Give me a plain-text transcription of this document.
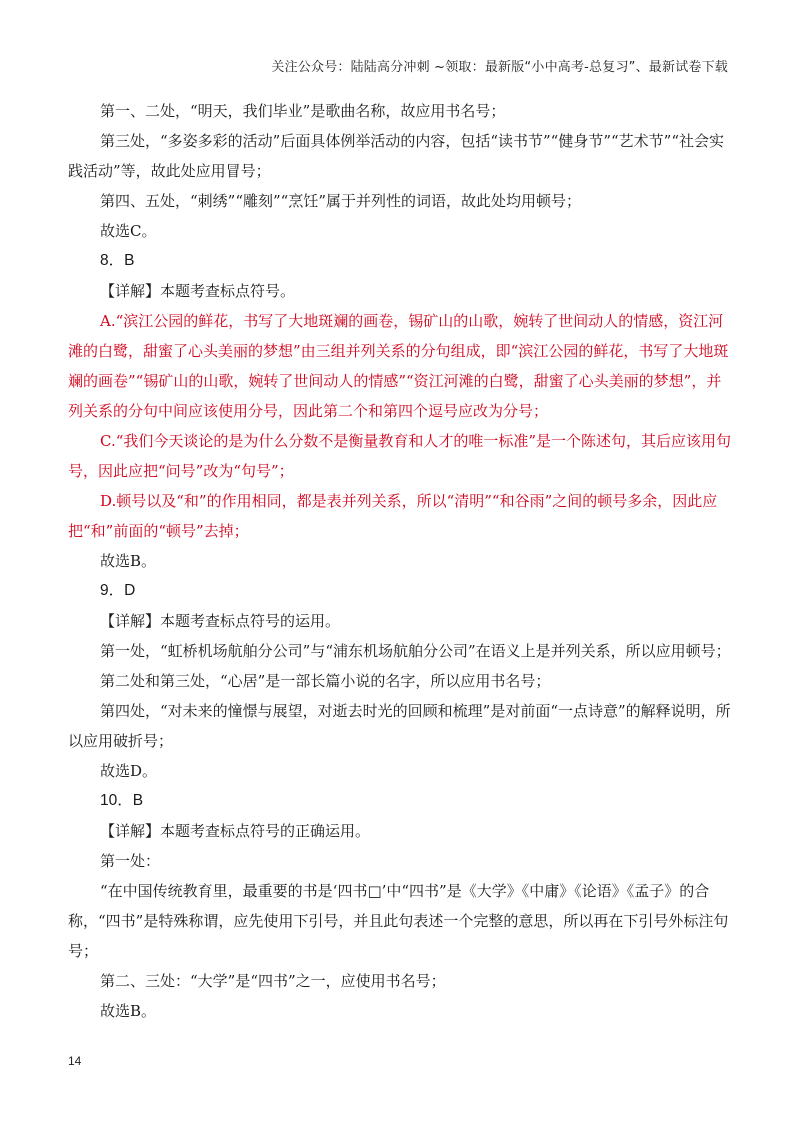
关注公众号：陆陆高分冲刺 ~领取：最新版“小中高考-总复习”、最新试卷下载

第一、二处，“明天，我们毕业”是歌曲名称，故应用书名号；

第三处，“多姿多彩的活动”后面具体例举活动的内容，包括“读书节”“健身节”“艺术节”“社会实践活动”等，故此处应用冒号；

第四、五处，“刺绣”“雕刻”“烹饪”属于并列性的词语，故此处均用顿号；

故选C。

8．B

【详解】本题考查标点符号。

A.“滨江公园的鲜花，书写了大地斑斓的画卷，锡矿山的山歌，婉转了世间动人的情感，资江河滩的白鹭，甜蜜了心头美丽的梦想”由三组并列关系的分句组成，即“滨江公园的鲜花，书写了大地斑斓的画卷”“锡矿山的山歌，婉转了世间动人的情感”“资江河滩的白鹭，甜蜜了心头美丽的梦想”，并列关系的分句中间应该使用分号，因此第二个和第四个逗号应改为分号；

C.“我们今天谈论的是为什么分数不是衡量教育和人才的唯一标准”是一个陈述句，其后应该用句号，因此应把“问号”改为“句号”；

D.顿号以及“和”的作用相同，都是表并列关系，所以“清明”“和谷雨”之间的顿号多余，因此应把“和”前面的“顿号”去掉；

故选B。

9．D

【详解】本题考查标点符号的运用。

第一处，“虹桥机场航舶分公司”与“浦东机场航舶分公司”在语义上是并列关系，所以应用顿号；

第二处和第三处，“心居”是一部长篇小说的名字，所以应用书名号；

第四处，“对未来的憧憬与展望，对逝去时光的回顾和梳理”是对前面“一点诗意”的解释说明，所以应用破折号；

故选D。

10．B

【详解】本题考查标点符号的正确运用。

第一处：

“在中国传统教育里，最重要的书是‘四书□’中“四书”是《大学》《中庸》《论语》《孟子》的合称，“四书”是特殊称谓，应先使用下引号，并且此句表述一个完整的意思，所以再在下引号外标注句号；

第二、三处：“大学”是“四书”之一，应使用书名号；

故选B。

14
